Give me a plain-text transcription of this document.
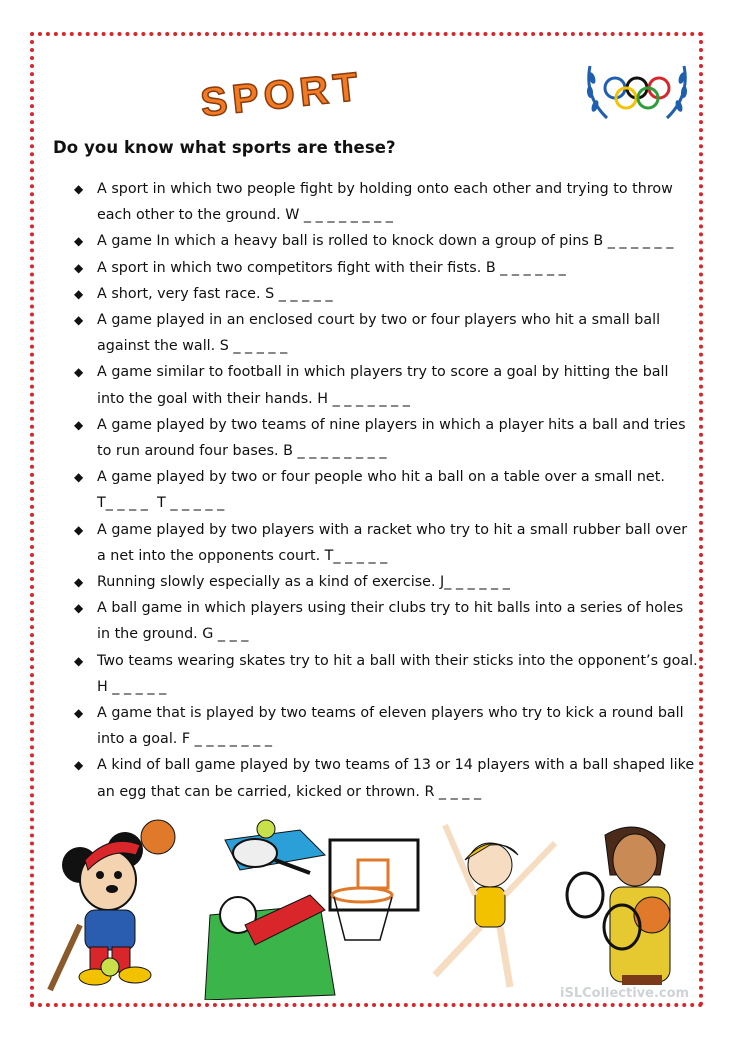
SPORT
Do you know what sports are these?
◆ A sport in which two people fight by holding onto each other and trying to throw each other to the ground. W _ _ _ _ _ _ _ _
◆ A game In which a heavy ball is rolled to knock down a group of pins B _ _ _ _ _ _
◆ A sport in which two competitors fight with their fists. B _ _ _ _ _ _
◆ A short, very fast race. S _ _ _ _ _
◆ A game played in an enclosed court by two or four players who hit a small ball against the wall. S _ _ _ _ _
◆ A game similar to football in which players try to score a goal by hitting the ball into the goal with their hands. H _ _ _ _ _ _ _
◆ A game played by two teams of nine players in which a player hits a ball and tries to run around four bases. B _ _ _ _ _ _ _ _
◆ A game played by two or four people who hit a ball on a table over a small net. T_ _ _ _  T _ _ _ _ _
◆ A game played by two players with a racket who try to hit a small rubber ball over a net into the opponents court. T_ _ _ _ _
◆ Running slowly especially as a kind of exercise. J_ _ _ _ _ _
◆ A ball game in which players using their clubs try to hit balls into a series of holes in the ground. G _ _ _
◆ Two teams wearing skates try to hit a ball with their sticks into the opponent’s goal. H _ _ _ _ _
◆ A game that is played by two teams of eleven players who try to kick a round ball into a goal. F _ _ _ _ _ _ _
◆ A kind of ball game played by two teams of 13 or 14 players with a ball shaped like an egg that can be carried, kicked or thrown. R _ _ _ _
iSLCollective.com
